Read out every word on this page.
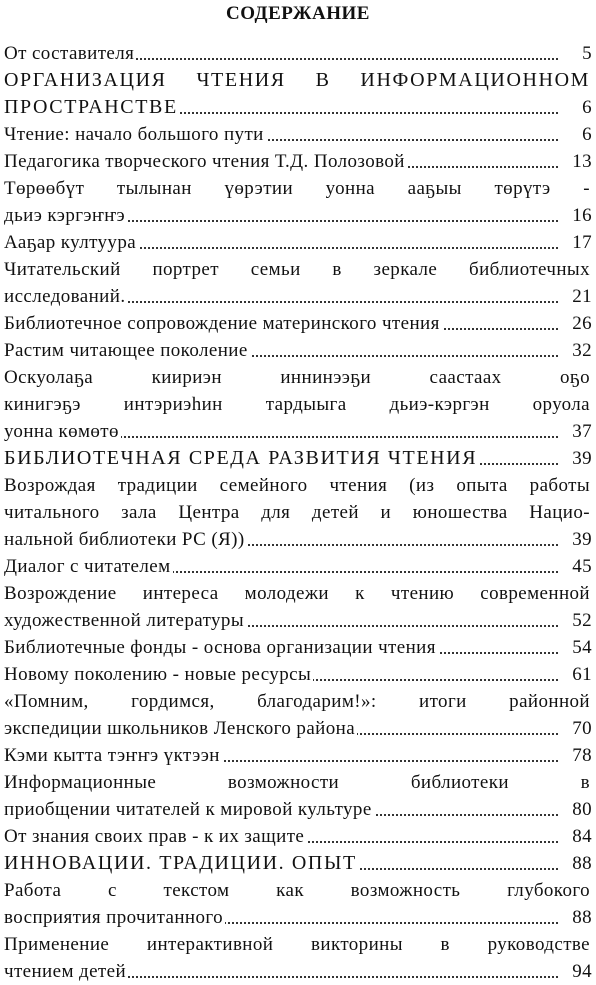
СОДЕРЖАНИЕ
От составителя	5
ОРГАНИЗАЦИЯ ЧТЕНИЯ В ИНФОРМАЦИОННОМ
ПРОСТРАНСТВЕ	6
Чтение: начало большого пути	6
Педагогика творческого чтения Т.Д. Полозовой	13
Төрөөбүт тылынан үөрэтии уонна ааҕыы төрүтэ -
дьиэ кэргэҥҥэ	16
Ааҕар култуура	17
Читательский портрет семьи в зеркале библиотечных
исследований.	21
Библиотечное сопровождение материнского чтения	26
Растим читающее поколение	32
Оскуолаҕа киириэн иннинээҕи саастаах оҕо
кинигэҕэ интэриэһин тардыыга дьиэ-кэргэн оруола
уонна көмөтө	37
БИБЛИОТЕЧНАЯ СРЕДА РАЗВИТИЯ ЧТЕНИЯ	39
Возрождая традиции семейного чтения (из опыта работы
читального зала Центра для детей и юношества Нацио-
нальной библиотеки РС (Я))	39
Диалог с читателем	45
Возрождение интереса молодежи к чтению современной
художественной литературы	52
Библиотечные фонды - основа организации чтения	54
Новому поколению - новые ресурсы	61
«Помним, гордимся, благодарим!»: итоги районной
экспедиции школьников Ленского района	70
Кэми кытта тэҥҥэ үктээн	78
Информационные возможности библиотеки в
приобщении читателей к мировой культуре	80
От знания своих прав - к их защите	84
ИННОВАЦИИ. ТРАДИЦИИ. ОПЫТ	88
Работа с текстом как возможность глубокого
восприятия прочитанного	88
Применение интерактивной викторины в руководстве
чтением детей	94
